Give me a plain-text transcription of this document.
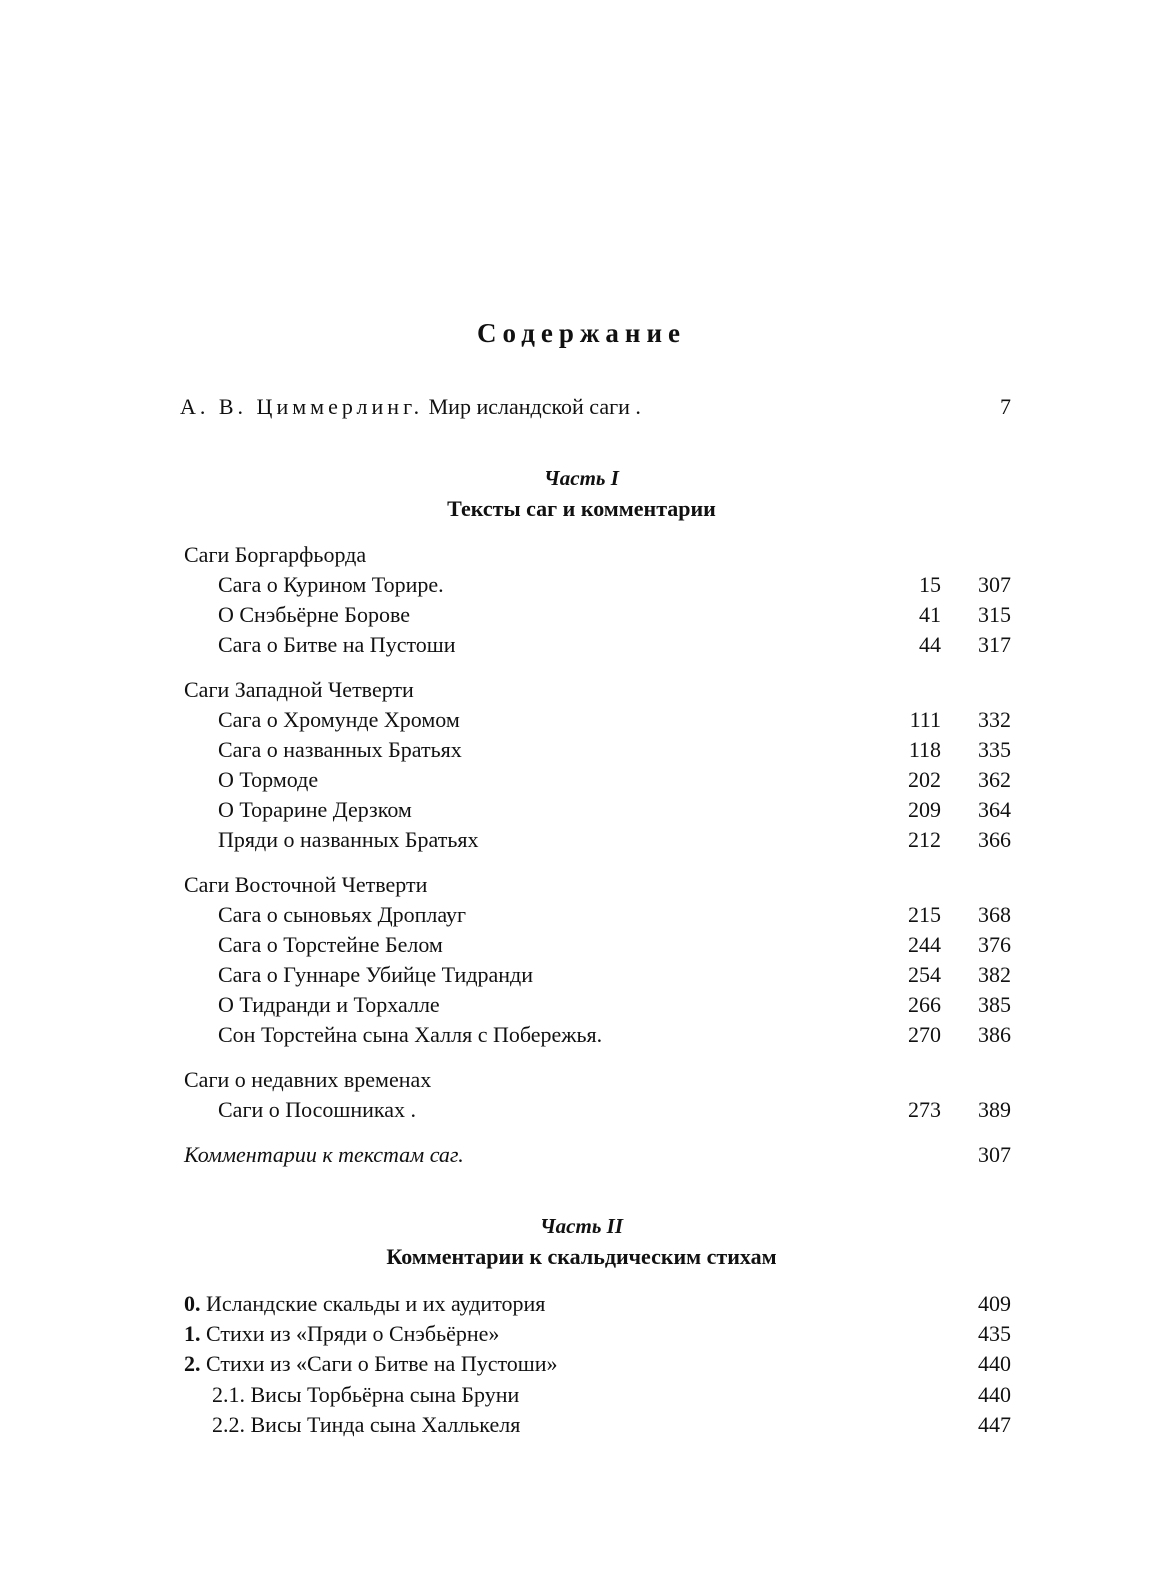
Содержание
А. В. Циммерлинг. Мир исландской саги .	7
Часть I
Тексты саг и комментарии
Саги Боргарфьорда
Сага о Курином Торире.	15 307
О Снэбьёрне Борове	41 315
Сага о Битве на Пустоши	44 317
Саги Западной Четверти
Сага о Хромунде Хромом	111 332
Сага о названных Братьях	118 335
О Тормоде	202 362
О Торарине Дерзком	209 364
Пряди о названных Братьях	212 366
Саги Восточной Четверти
Сага о сыновьях Дроплауг	215 368
Сага о Торстейне Белом	244 376
Сага о Гуннаре Убийце Тидранди	254 382
О Тидранди и Торхалле	266 385
Сон Торстейна сына Халля с Побережья.	270 386
Саги о недавних временах
Саги о Посошниках .	273 389
Комментарии к текстам саг.	307
Часть II
Комментарии к скальдическим стихам
0. Исландские скальды и их аудитория	409
1. Стихи из «Пряди о Снэбьёрне»	435
2. Стихи из «Саги о Битве на Пустоши»	440
2.1. Висы Торбьёрна сына Бруни	440
2.2. Висы Тинда сына Халлькеля	447
